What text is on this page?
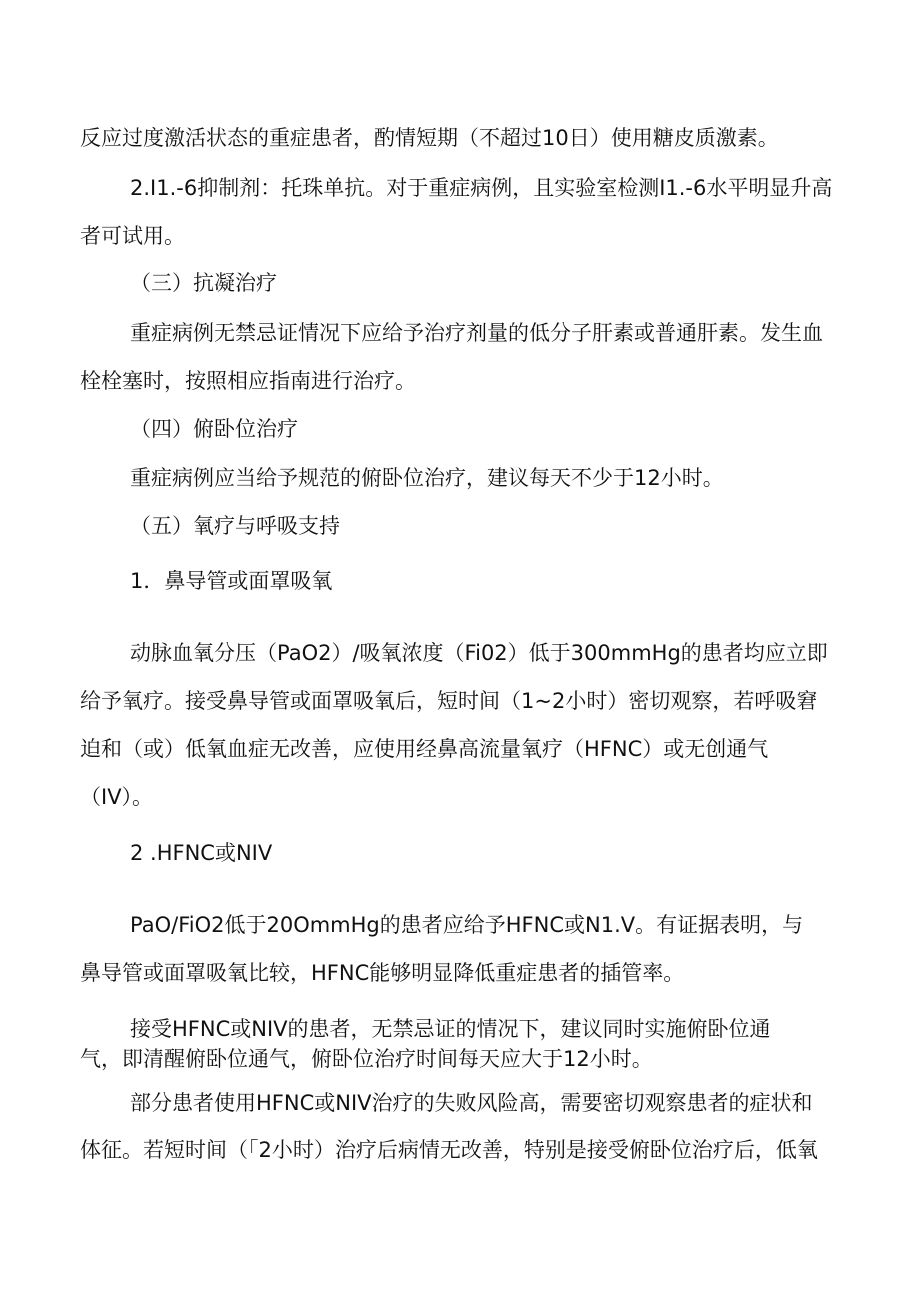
反应过度激活状态的重症患者，酌情短期（不超过10日）使用糖皮质激素。
2.I1.-6抑制剂：托珠单抗。对于重症病例，且实验室检测I1.-6水平明显升高
者可试用。
（三）抗凝治疗
重症病例无禁忌证情况下应给予治疗剂量的低分子肝素或普通肝素。发生血
栓栓塞时，按照相应指南进行治疗。
（四）俯卧位治疗
重症病例应当给予规范的俯卧位治疗，建议每天不少于12小时。
（五）氧疗与呼吸支持
1．鼻导管或面罩吸氧
动脉血氧分压（PaO2）/吸氧浓度（Fi02）低于300mmHg的患者均应立即
给予氧疗。接受鼻导管或面罩吸氧后，短时间（1~2小时）密切观察，若呼吸窘
迫和（或）低氧血症无改善，应使用经鼻高流量氧疗（HFNC）或无创通气
（IV）。
2 .HFNC或NIV
PaO/FiO2低于20OmmHg的患者应给予HFNC或N1.V。有证据表明，与
鼻导管或面罩吸氧比较，HFNC能够明显降低重症患者的插管率。
接受HFNC或NIV的患者，无禁忌证的情况下，建议同时实施俯卧位通
气，即清醒俯卧位通气，俯卧位治疗时间每天应大于12小时。
部分患者使用HFNC或NIV治疗的失败风险高，需要密切观察患者的症状和
体征。若短时间（「2小时）治疗后病情无改善，特别是接受俯卧位治疗后，低氧
